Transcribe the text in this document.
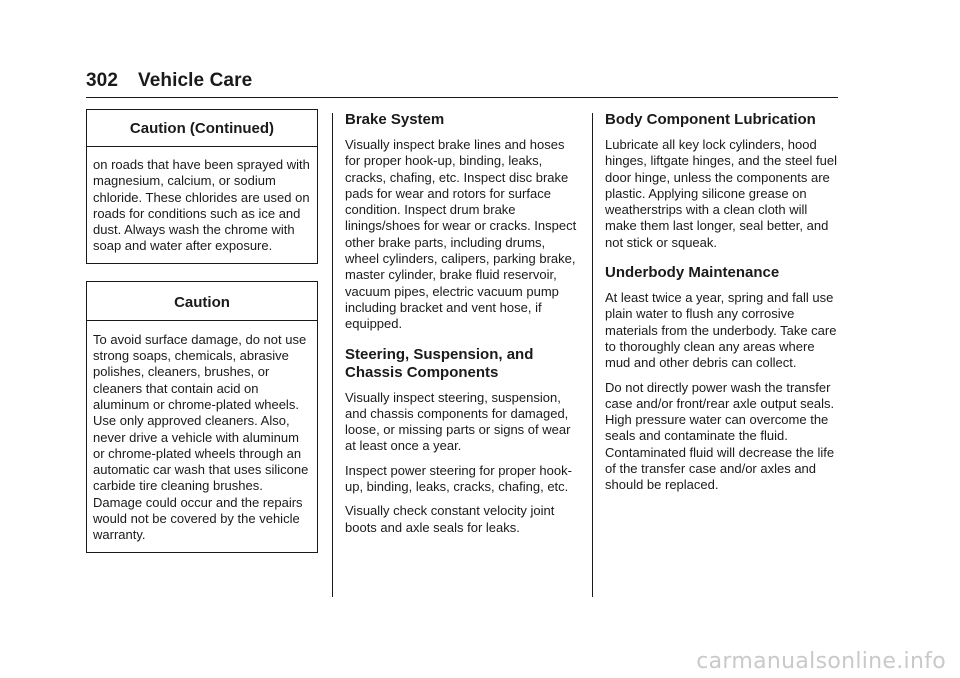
302 Vehicle Care
Caution (Continued)
on roads that have been sprayed with magnesium, calcium, or sodium chloride. These chlorides are used on roads for conditions such as ice and dust. Always wash the chrome with soap and water after exposure.
Caution
To avoid surface damage, do not use strong soaps, chemicals, abrasive polishes, cleaners, brushes, or cleaners that contain acid on aluminum or chrome-plated wheels. Use only approved cleaners. Also, never drive a vehicle with aluminum or chrome-plated wheels through an automatic car wash that uses silicone carbide tire cleaning brushes. Damage could occur and the repairs would not be covered by the vehicle warranty.
Brake System

Visually inspect brake lines and hoses for proper hook-up, binding, leaks, cracks, chafing, etc. Inspect disc brake pads for wear and rotors for surface condition. Inspect drum brake linings/shoes for wear or cracks. Inspect other brake parts, including drums, wheel cylinders, calipers, parking brake, master cylinder, brake fluid reservoir, vacuum pipes, electric vacuum pump including bracket and vent hose, if equipped.

Steering, Suspension, and Chassis Components

Visually inspect steering, suspension, and chassis components for damaged, loose, or missing parts or signs of wear at least once a year.

Inspect power steering for proper hook-up, binding, leaks, cracks, chafing, etc.

Visually check constant velocity joint boots and axle seals for leaks.

Body Component Lubrication

Lubricate all key lock cylinders, hood hinges, liftgate hinges, and the steel fuel door hinge, unless the components are plastic. Applying silicone grease on weatherstrips with a clean cloth will make them last longer, seal better, and not stick or squeak.

Underbody Maintenance

At least twice a year, spring and fall use plain water to flush any corrosive materials from the underbody. Take care to thoroughly clean any areas where mud and other debris can collect.

Do not directly power wash the transfer case and/or front/rear axle output seals. High pressure water can overcome the seals and contaminate the fluid. Contaminated fluid will decrease the life of the transfer case and/or axles and should be replaced.

carmanualsonline.info
